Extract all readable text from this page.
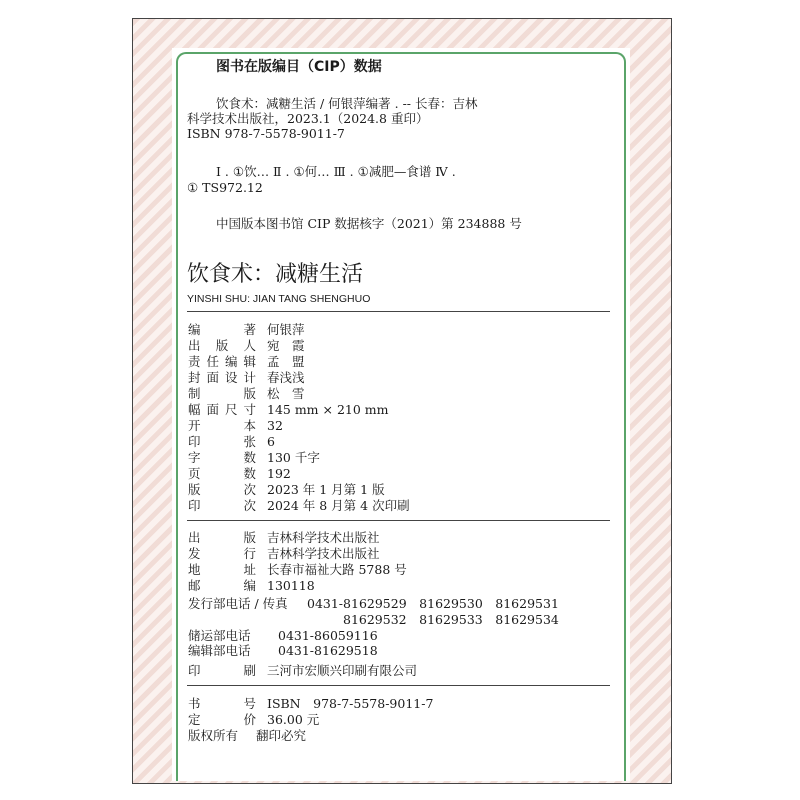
图书在版编目（CIP）数据
饮食术：减糖生活 / 何银萍编著 . -- 长春：吉林
科学技术出版社，2023.1（2024.8 重印）
ISBN 978-7-5578-9011-7
Ⅰ . ①饮… Ⅱ . ①何… Ⅲ . ①减肥—食谱 Ⅳ .
① TS972.12
中国版本图书馆 CIP 数据核字（2021）第 234888 号
饮食术：减糖生活
YINSHI SHU: JIAN TANG SHENGHUO
编著 何银萍
出版人 宛　霞
责任编辑 孟　盟
封面设计 春浅浅
制版 松　雪
幅面尺寸 145 mm × 210 mm
开本 32
印张 6
字数 130 千字
页数 192
版次 2023 年 1 月第 1 版
印次 2024 年 8 月第 4 次印刷
出版 吉林科学技术出版社
发行 吉林科学技术出版社
地址 长春市福祉大路 5788 号
邮编 130118
发行部电话 / 传真 0431-81629529　81629530　81629531
81629532　81629533　81629534
储运部电话 0431-86059116
编辑部电话 0431-81629518
印刷 三河市宏顺兴印刷有限公司
书号 ISBN　978-7-5578-9011-7
定价 36.00 元
版权所有 翻印必究
